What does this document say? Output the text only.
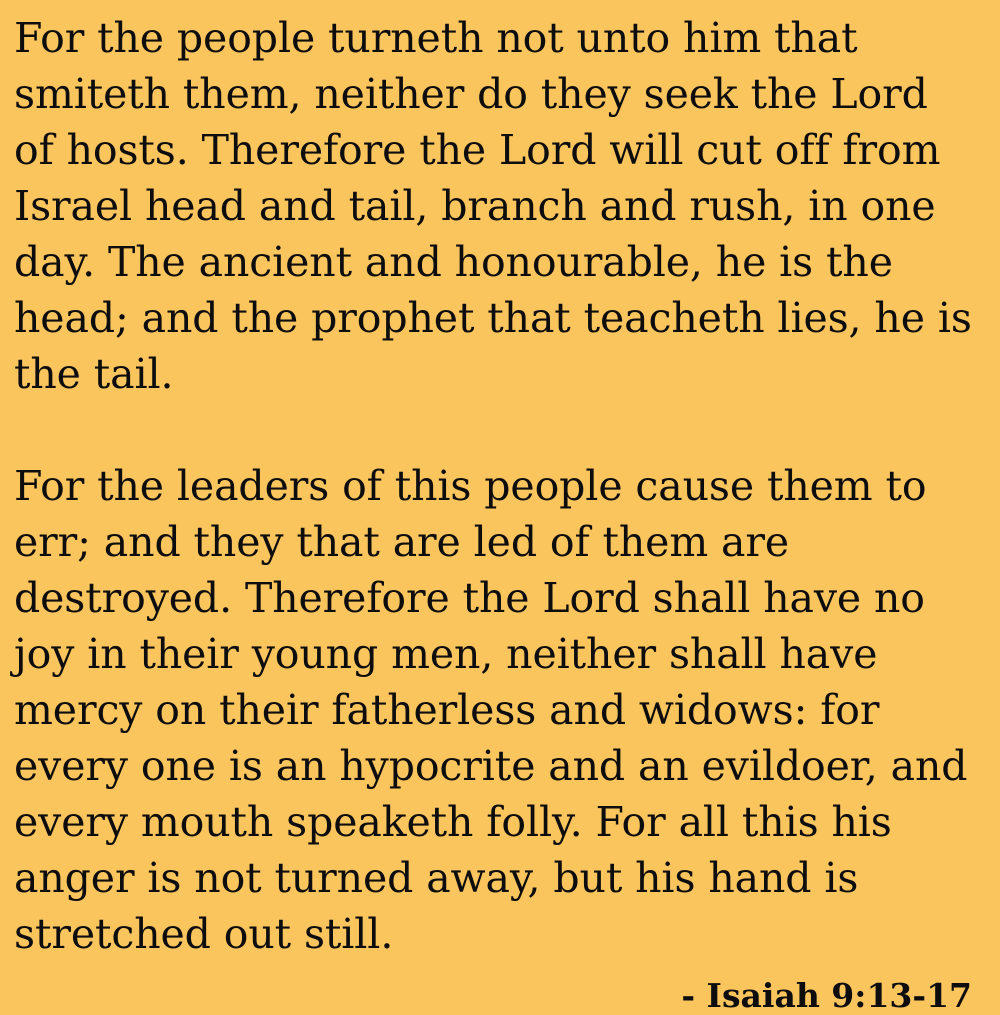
For the people turneth not unto him that smiteth them, neither do they seek the Lord of hosts. Therefore the Lord will cut off from Israel head and tail, branch and rush, in one day. The ancient and honourable, he is the head; and the prophet that teacheth lies, he is the tail.

For the leaders of this people cause them to err; and they that are led of them are destroyed. Therefore the Lord shall have no joy in their young men, neither shall have mercy on their fatherless and widows: for every one is an hypocrite and an evildoer, and every mouth speaketh folly. For all this his anger is not turned away, but his hand is stretched out still.

- Isaiah 9:13-17
